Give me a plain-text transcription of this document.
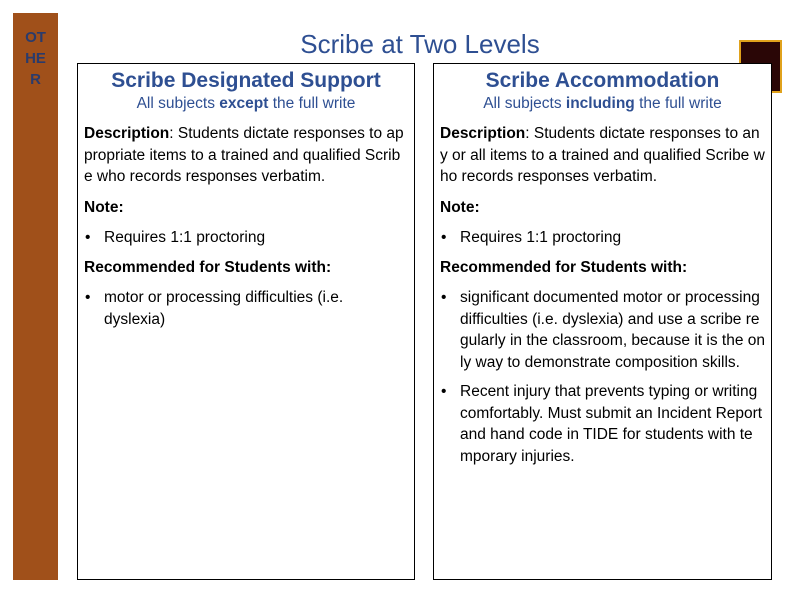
OT
HE
R
Scribe at Two Levels
Scribe Designated Support
All subjects except the full write
Description: Students dictate responses to appropriate items to a trained and qualified Scribe who records responses verbatim.
Note:
• Requires 1:1 proctoring
Recommended for Students with:
• motor or processing difficulties (i.e. dyslexia)
Scribe Accommodation
All subjects including the full write
Description: Students dictate responses to any or all items to a trained and qualified Scribe who records responses verbatim.
Note:
• Requires 1:1 proctoring
Recommended for Students with:
• significant documented motor or processing difficulties (i.e. dyslexia) and use a scribe regularly in the classroom, because it is the only way to demonstrate composition skills.
• Recent injury that prevents typing or writing comfortably. Must submit an Incident Report and hand code in TIDE for students with temporary injuries.
